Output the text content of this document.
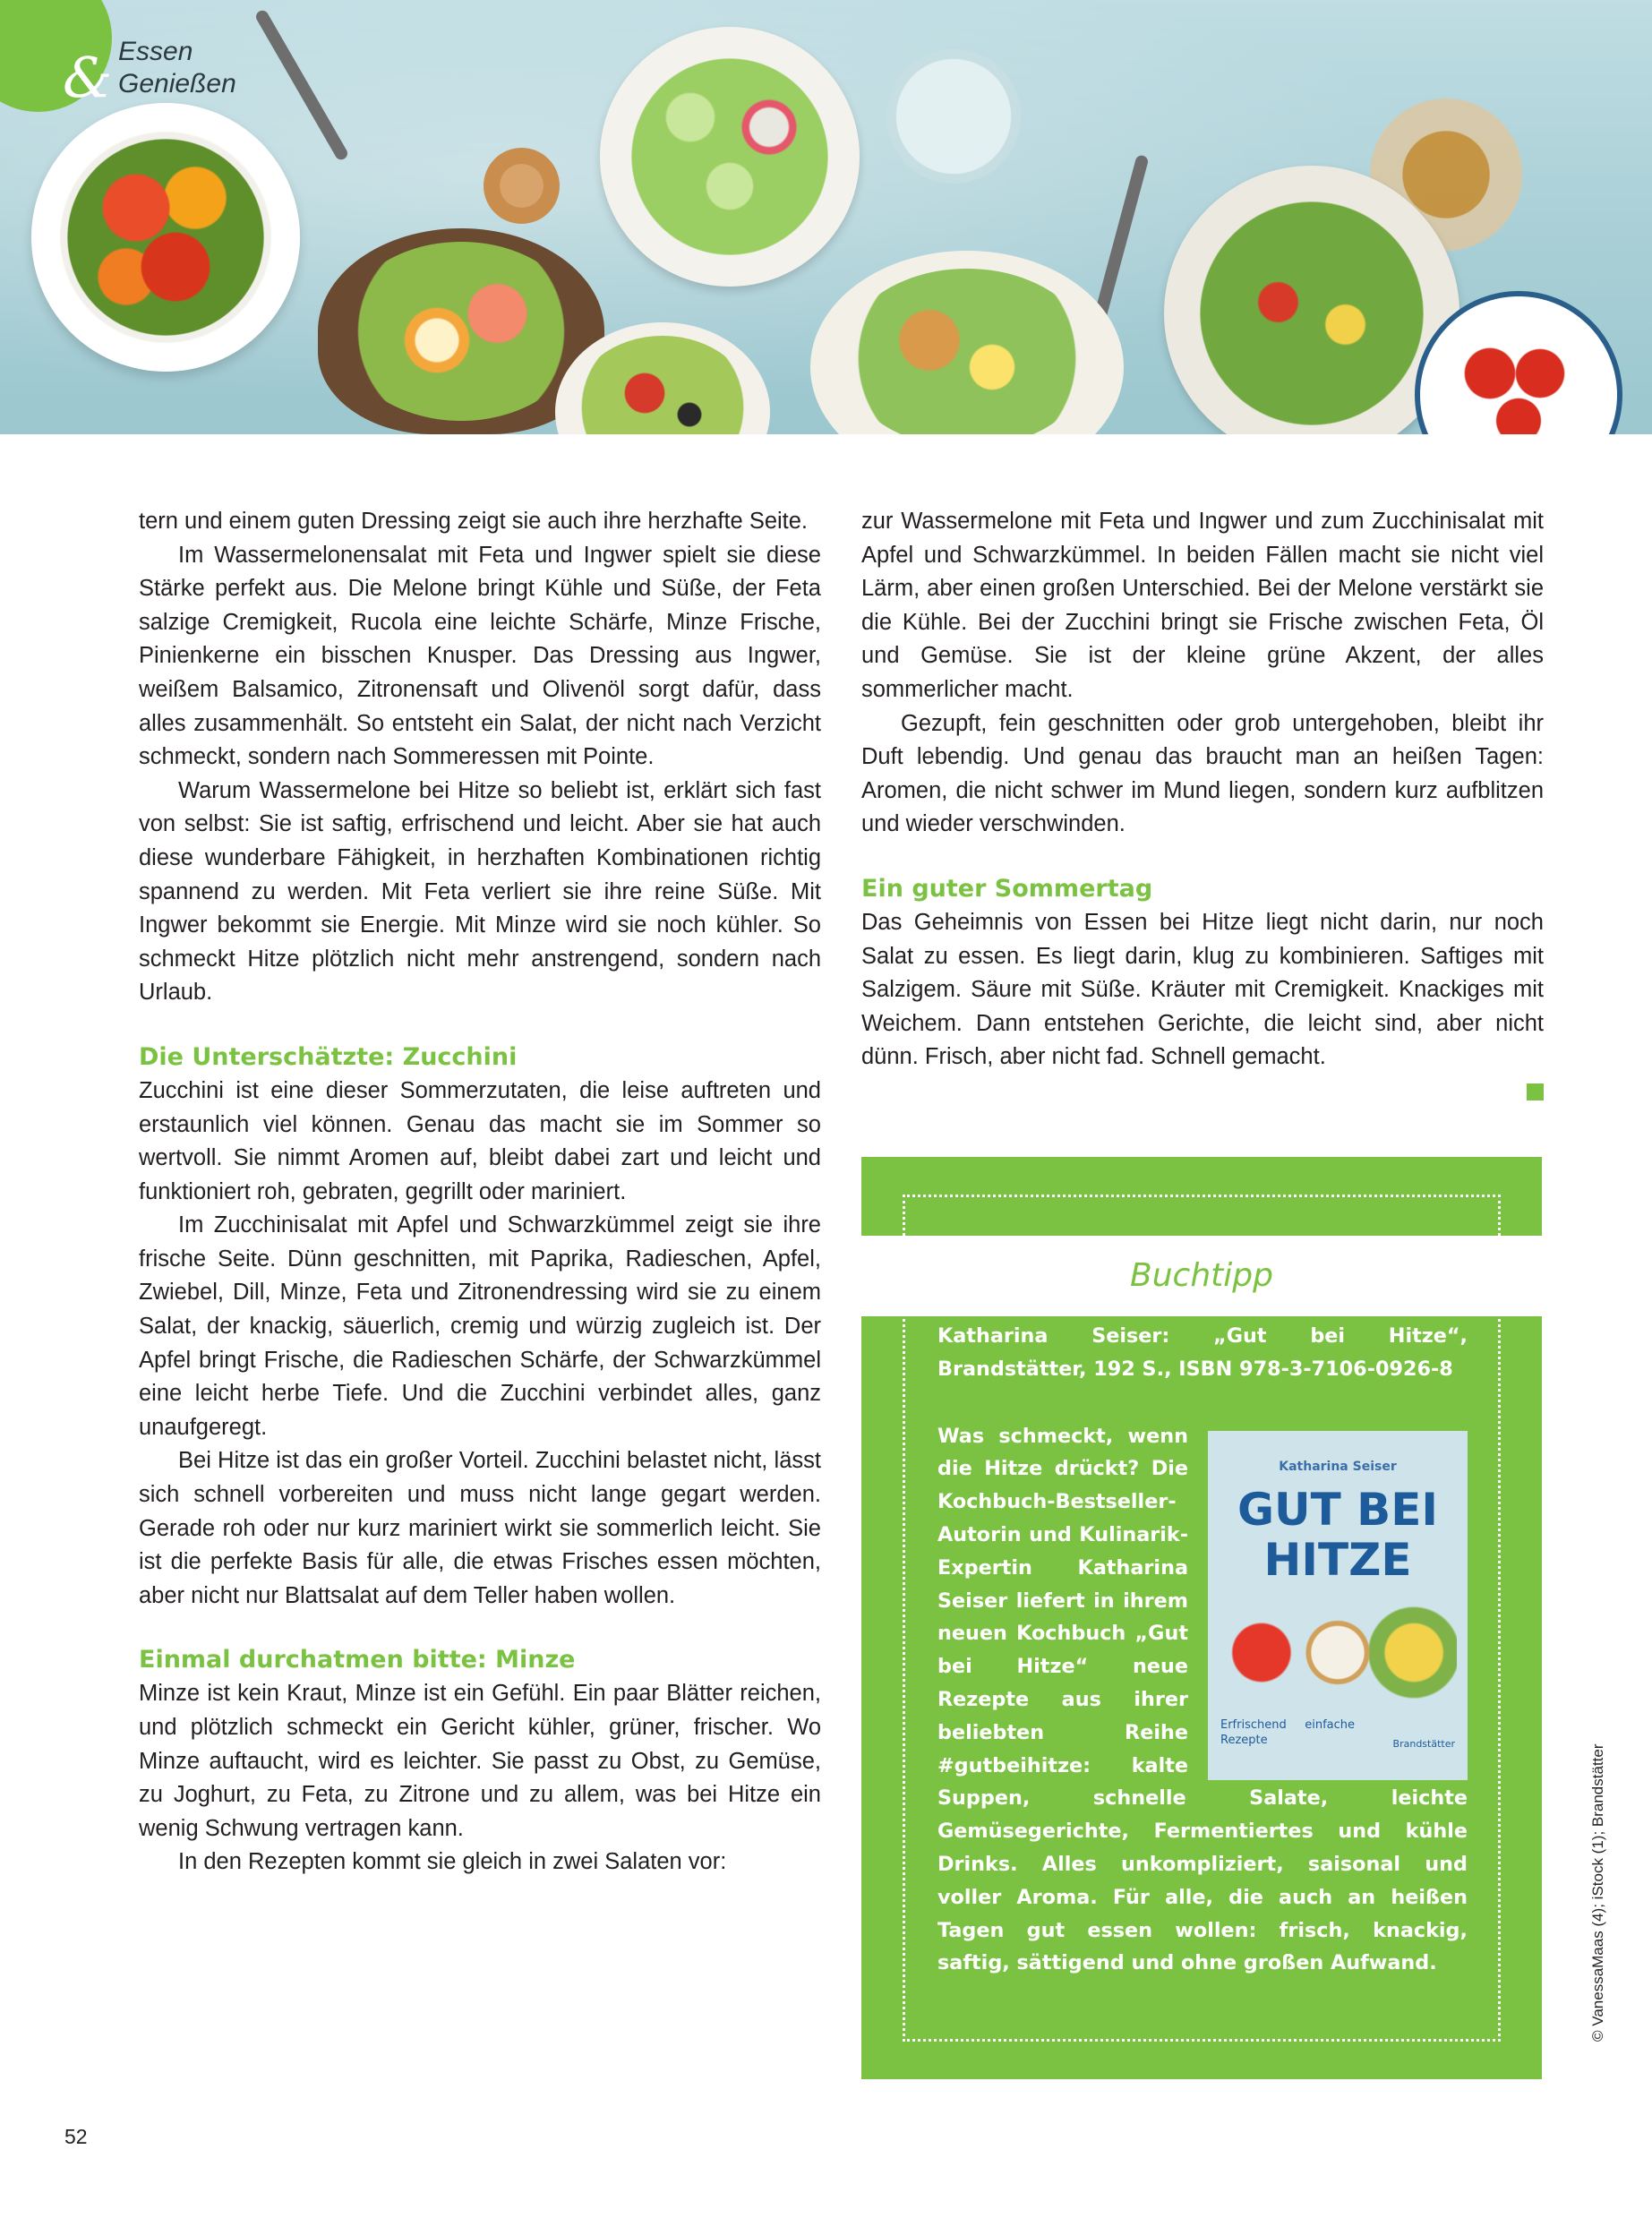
& Essen
Genießen

tern und einem guten Dressing zeigt sie auch ihre herzhafte Seite.

Im Wassermelonensalat mit Feta und Ingwer spielt sie diese Stärke perfekt aus. Die Melone bringt Kühle und Süße, der Feta salzige Cremigkeit, Rucola eine leichte Schärfe, Minze Frische, Pinienkerne ein bisschen Knusper. Das Dressing aus Ingwer, weißem Balsamico, Zitronensaft und Olivenöl sorgt dafür, dass alles zusammenhält. So entsteht ein Salat, der nicht nach Verzicht schmeckt, sondern nach Sommeressen mit Pointe.

Warum Wassermelone bei Hitze so beliebt ist, erklärt sich fast von selbst: Sie ist saftig, erfrischend und leicht. Aber sie hat auch diese wunderbare Fähigkeit, in herzhaften Kombinationen richtig spannend zu werden. Mit Feta verliert sie ihre reine Süße. Mit Ingwer bekommt sie Energie. Mit Minze wird sie noch kühler. So schmeckt Hitze plötzlich nicht mehr anstrengend, sondern nach Urlaub.

Die Unterschätzte: Zucchini

Zucchini ist eine dieser Sommerzutaten, die leise auftreten und erstaunlich viel können. Genau das macht sie im Sommer so wertvoll. Sie nimmt Aromen auf, bleibt dabei zart und leicht und funktioniert roh, gebraten, gegrillt oder mariniert.

Im Zucchinisalat mit Apfel und Schwarzkümmel zeigt sie ihre frische Seite. Dünn geschnitten, mit Paprika, Radieschen, Apfel, Zwiebel, Dill, Minze, Feta und Zitronendressing wird sie zu einem Salat, der knackig, säuerlich, cremig und würzig zugleich ist. Der Apfel bringt Frische, die Radieschen Schärfe, der Schwarzkümmel eine leicht herbe Tiefe. Und die Zucchini verbindet alles, ganz unaufgeregt.

Bei Hitze ist das ein großer Vorteil. Zucchini belastet nicht, lässt sich schnell vorbereiten und muss nicht lange gegart werden. Gerade roh oder nur kurz mariniert wirkt sie sommerlich leicht. Sie ist die perfekte Basis für alle, die etwas Frisches essen möchten, aber nicht nur Blattsalat auf dem Teller haben wollen.

Einmal durchatmen bitte: Minze

Minze ist kein Kraut, Minze ist ein Gefühl. Ein paar Blätter reichen, und plötzlich schmeckt ein Gericht kühler, grüner, frischer. Wo Minze auftaucht, wird es leichter. Sie passt zu Obst, zu Gemüse, zu Joghurt, zu Feta, zu Zitrone und zu allem, was bei Hitze ein wenig Schwung vertragen kann.

In den Rezepten kommt sie gleich in zwei Salaten vor:

zur Wassermelone mit Feta und Ingwer und zum Zucchinisalat mit Apfel und Schwarzkümmel. In beiden Fällen macht sie nicht viel Lärm, aber einen großen Unterschied. Bei der Melone verstärkt sie die Kühle. Bei der Zucchini bringt sie Frische zwischen Feta, Öl und Gemüse. Sie ist der kleine grüne Akzent, der alles sommerlicher macht.

Gezupft, fein geschnitten oder grob untergehoben, bleibt ihr Duft lebendig. Und genau das braucht man an heißen Tagen: Aromen, die nicht schwer im Mund liegen, sondern kurz aufblitzen und wieder verschwinden.

Ein guter Sommertag

Das Geheimnis von Essen bei Hitze liegt nicht darin, nur noch Salat zu essen. Es liegt darin, klug zu kombinieren. Saftiges mit Salzigem. Säure mit Süße. Kräuter mit Cremigkeit. Knackiges mit Weichem. Dann entstehen Gerichte, die leicht sind, aber nicht dünn. Frisch, aber nicht fad. Schnell gemacht.

Buchtipp

Katharina Seiser: „Gut bei Hitze“, Brandstätter, 192 S., ISBN 978-3-7106-0926-8

Katharina Seiser
GUT BEI
HITZE
Erfrischend einfache Rezepte	Brandstätter
Was schmeckt, wenn die Hitze drückt? Die Kochbuch-Bestseller-Autorin und Kulinarik-Expertin Katharina Seiser liefert in ihrem neuen Kochbuch „Gut bei Hitze“ neue Rezepte aus ihrer beliebten Reihe #gutbeihitze: kalte Suppen, schnelle Salate, leichte Gemüsegerichte, Fermentiertes und kühle Drinks. Alles unkompliziert, saisonal und voller Aroma. Für alle, die auch an heißen Tagen gut essen wollen: frisch, knackig, saftig, sättigend und ohne großen Aufwand.	© VanessaMaas (4); iStock (1); Brandstätter
52
